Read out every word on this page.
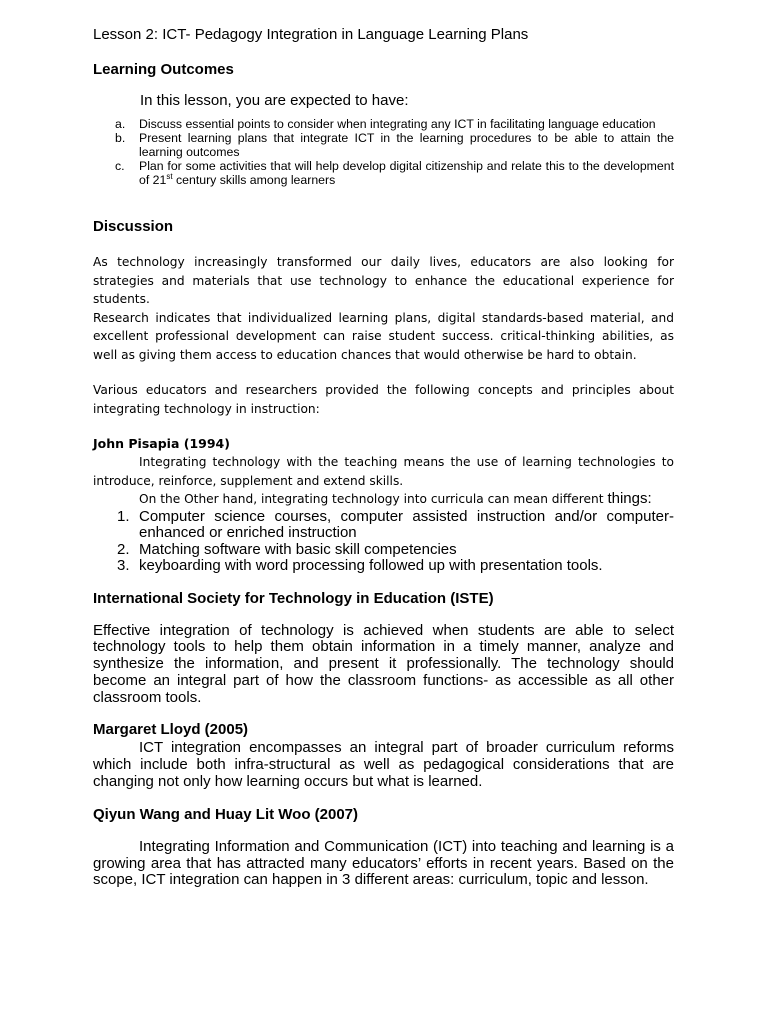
Lesson 2: ICT- Pedagogy Integration in Language Learning Plans

Learning Outcomes

In this lesson, you are expected to have:

a. Discuss essential points to consider when integrating any ICT in facilitating language education
b. Present learning plans that integrate ICT in the learning procedures to be able to attain the learning outcomes
c. Plan for some activities that will help develop digital citizenship and relate this to the development of 21st century skills among learners

Discussion

As technology increasingly transformed our daily lives, educators are also looking for strategies and materials that use technology to enhance the educational experience for students.

Research indicates that individualized learning plans, digital standards-based material, and excellent professional development can raise student success. critical-thinking abilities, as well as giving them access to education chances that would otherwise be hard to obtain.

Various educators and researchers provided the following concepts and principles about integrating technology in instruction:

John Pisapia (1994)

Integrating technology with the teaching means the use of learning technologies to introduce, reinforce, supplement and extend skills.

On the Other hand, integrating technology into curricula can mean different things:

1. Computer science courses, computer assisted instruction and/or computer-enhanced or enriched instruction
2. Matching software with basic skill competencies
3. keyboarding with word processing followed up with presentation tools.

International Society for Technology in Education (ISTE)

Effective integration of technology is achieved when students are able to select technology tools to help them obtain information in a timely manner, analyze and synthesize the information, and present it professionally. The technology should become an integral part of how the classroom functions- as accessible as all other classroom tools.

Margaret Lloyd (2005)

ICT integration encompasses an integral part of broader curriculum reforms which include both infra-structural as well as pedagogical considerations that are changing not only how learning occurs but what is learned.

Qiyun Wang and Huay Lit Woo (2007)

Integrating Information and Communication (ICT) into teaching and learning is a growing area that has attracted many educators’ efforts in recent years. Based on the scope, ICT integration can happen in 3 different areas: curriculum, topic and lesson.
